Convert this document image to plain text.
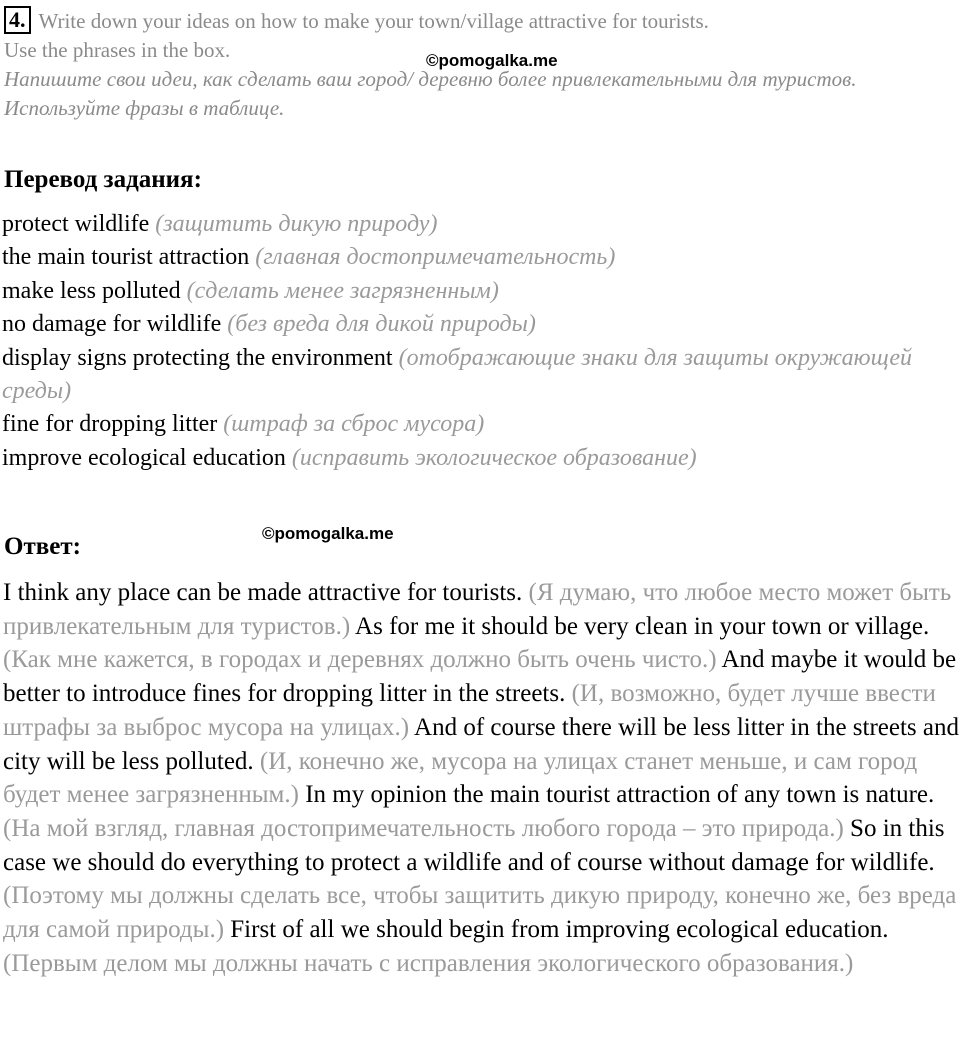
4. Write down your ideas on how to make your town/village attractive for tourists.
Use the phrases in the box.
Напишите свои идеи, как сделать ваш город/ деревню более привлекательными для туристов.
Используйте фразы в таблице.
©pomogalka.me
Перевод задания:
protect wildlife (защитить дикую природу)
the main tourist attraction (главная достопримечательность)
make less polluted (сделать менее загрязненным)
no damage for wildlife (без вреда для дикой природы)
display signs protecting the environment (отображающие знаки для защиты окружающей среды)
fine for dropping litter (штраф за сброс мусора)
improve ecological education (исправить экологическое образование)
Ответ:	©pomogalka.me
I think any place can be made attractive for tourists. (Я думаю, что любое место может быть привлекательным для туристов.) As for me it should be very clean in your town or village. (Как мне кажется, в городах и деревнях должно быть очень чисто.) And maybe it would be better to introduce fines for dropping litter in the streets. (И, возможно, будет лучше ввести штрафы за выброс мусора на улицах.) And of course there will be less litter in the streets and city will be less polluted. (И, конечно же, мусора на улицах станет меньше, и сам город будет менее загрязненным.) In my opinion the main tourist attraction of any town is nature. (На мой взгляд, главная достопримечательность любого города – это природа.) So in this case we should do everything to protect a wildlife and of course without damage for wildlife. (Поэтому мы должны сделать все, чтобы защитить дикую природу, конечно же, без вреда для самой природы.) First of all we should begin from improving ecological education. (Первым делом мы должны начать с исправления экологического образования.)
